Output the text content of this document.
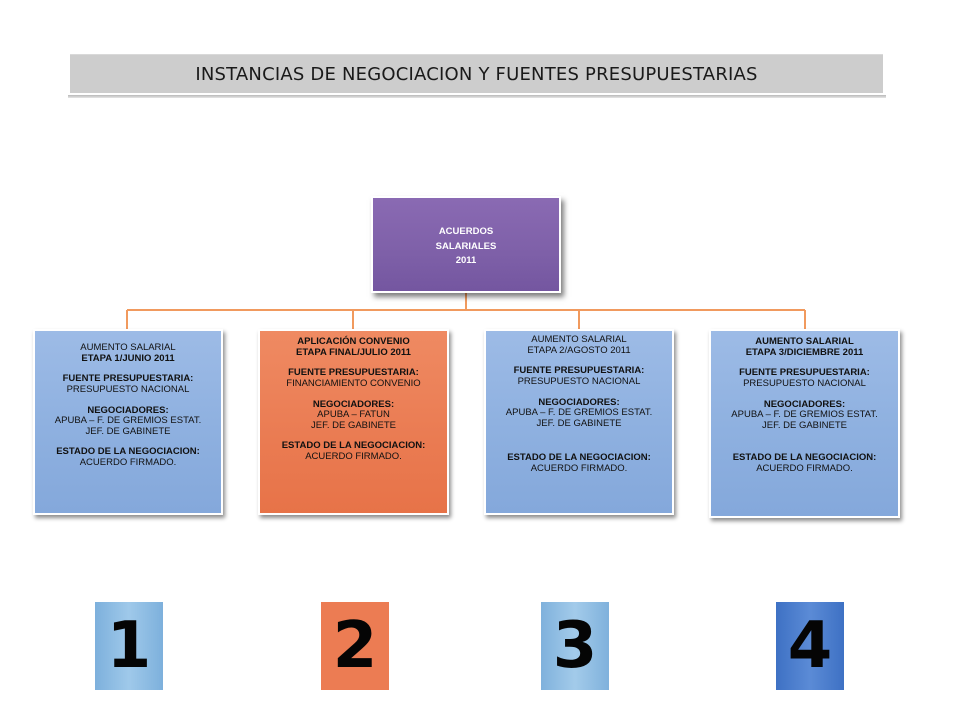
INSTANCIAS DE NEGOCIACION Y FUENTES PRESUPUESTARIAS
ACUERDOS
SALARIALES
2011
AUMENTO SALARIAL
ETAPA 1/JUNIO 2011
FUENTE PRESUPUESTARIA:
PRESUPUESTO NACIONAL
NEGOCIADORES:
APUBA – F. DE GREMIOS ESTAT.
JEF. DE GABINETE
ESTADO DE LA NEGOCIACION:
ACUERDO FIRMADO.
APLICACIÓN CONVENIO
ETAPA FINAL/JULIO 2011
FUENTE PRESUPUESTARIA:
FINANCIAMIENTO CONVENIO
NEGOCIADORES:
APUBA – FATUN
JEF. DE GABINETE
ESTADO DE LA NEGOCIACION:
ACUERDO FIRMADO.
AUMENTO SALARIAL
ETAPA 2/AGOSTO 2011
FUENTE PRESUPUESTARIA:
PRESUPUESTO NACIONAL
NEGOCIADORES:
APUBA – F. DE GREMIOS ESTAT.
JEF. DE GABINETE
ESTADO DE LA NEGOCIACION:
ACUERDO FIRMADO.
AUMENTO SALARIAL
ETAPA 3/DICIEMBRE 2011
FUENTE PRESUPUESTARIA:
PRESUPUESTO NACIONAL
NEGOCIADORES:
APUBA – F. DE GREMIOS ESTAT.
JEF. DE GABINETE
ESTADO DE LA NEGOCIACION:
ACUERDO FIRMADO.
1	2	3	4
